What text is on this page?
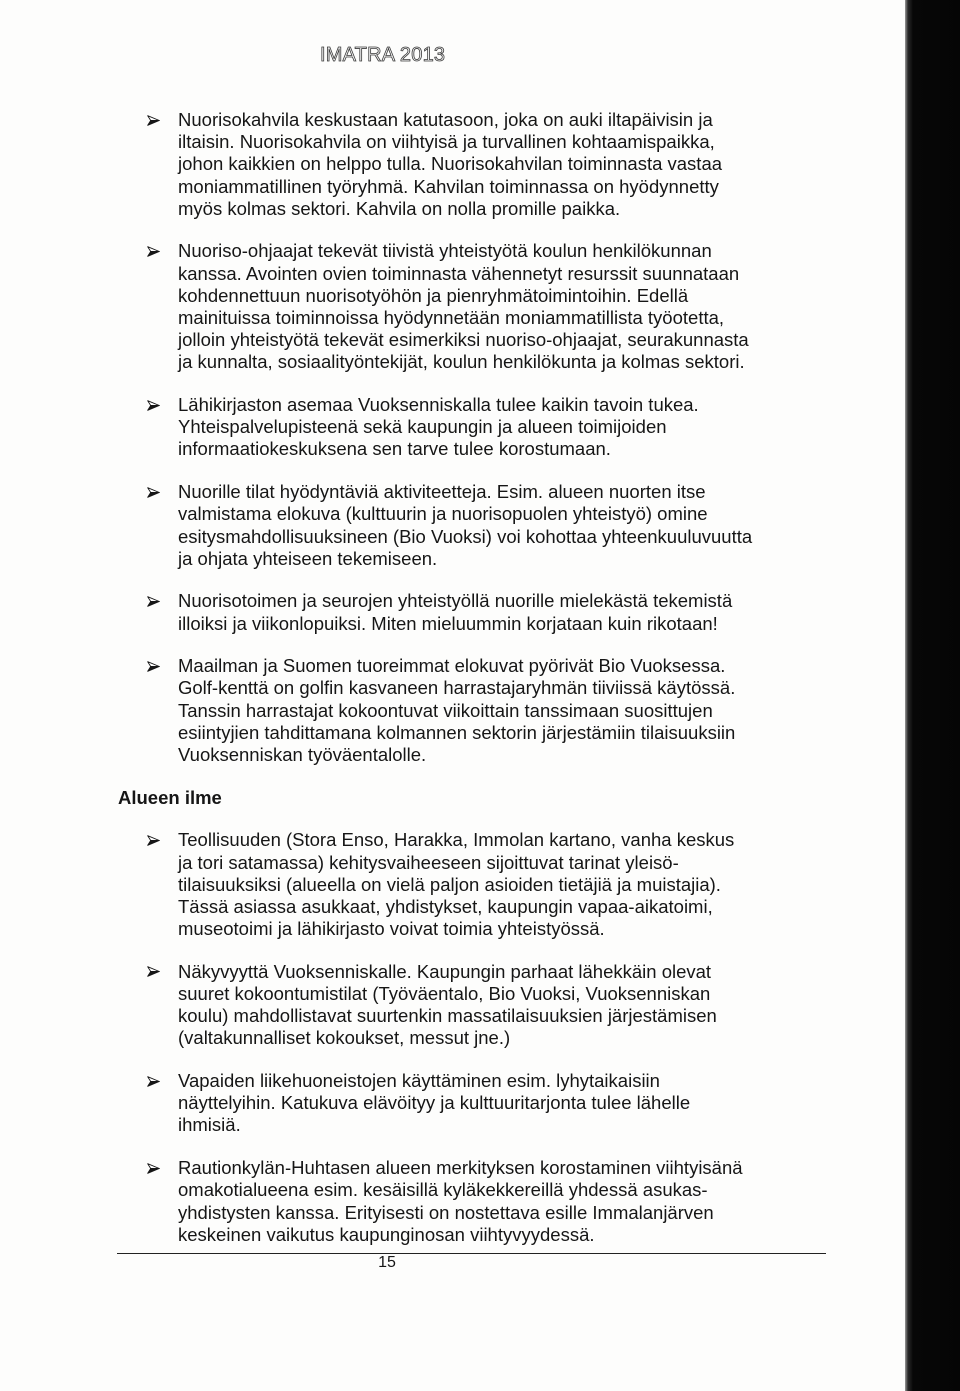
IMATRA 2013
Nuorisokahvila keskustaan katutasoon, joka on auki iltapäivisin ja
iltaisin. Nuorisokahvila on viihtyisä ja turvallinen kohtaamispaikka,
johon kaikkien on helppo tulla. Nuorisokahvilan toiminnasta vastaa
moniammatillinen työryhmä. Kahvilan toiminnassa on hyödynnetty
myös kolmas sektori. Kahvila on nolla promille paikka.
Nuoriso-ohjaajat tekevät tiivistä yhteistyötä koulun henkilökunnan
kanssa. Avointen ovien toiminnasta vähennetyt resurssit suunnataan
kohdennettuun nuorisotyöhön ja pienryhmätoimintoihin. Edellä
mainituissa toiminnoissa hyödynnetään moniammatillista työotetta,
jolloin yhteistyötä tekevät esimerkiksi nuoriso-ohjaajat, seurakunnasta
ja kunnalta, sosiaalityöntekijät, koulun henkilökunta ja kolmas sektori.
Lähikirjaston asemaa Vuoksenniskalla tulee kaikin tavoin tukea.
Yhteispalvelupisteenä sekä kaupungin ja alueen toimijoiden
informaatiokeskuksena sen tarve tulee korostumaan.
Nuorille tilat hyödyntäviä aktiviteetteja. Esim. alueen nuorten itse
valmistama elokuva (kulttuurin ja nuorisopuolen yhteistyö) omine
esitysmahdollisuuksineen (Bio Vuoksi) voi kohottaa yhteenkuuluvuutta
ja ohjata yhteiseen tekemiseen.
Nuorisotoimen ja seurojen yhteistyöllä nuorille mielekästä tekemistä
illoiksi ja viikonlopuiksi. Miten mieluummin korjataan kuin rikotaan!
Maailman ja Suomen tuoreimmat elokuvat pyörivät Bio Vuoksessa.
Golf-kenttä on golfin kasvaneen harrastajaryhmän tiiviissä käytössä.
Tanssin harrastajat kokoontuvat viikoittain tanssimaan suosittujen
esiintyjien tahdittamana kolmannen sektorin järjestämiin tilaisuuksiin
Vuoksenniskan työväentalolle.
Alueen ilme
Teollisuuden (Stora Enso, Harakka, Immolan kartano, vanha keskus
ja tori satamassa) kehitysvaiheeseen sijoittuvat tarinat yleisö-
tilaisuuksiksi (alueella on vielä paljon asioiden tietäjiä ja muistajia).
Tässä asiassa asukkaat, yhdistykset, kaupungin vapaa-aikatoimi,
museotoimi ja lähikirjasto voivat toimia yhteistyössä.
Näkyvyyttä Vuoksenniskalle. Kaupungin parhaat lähekkäin olevat
suuret kokoontumistilat (Työväentalo, Bio Vuoksi, Vuoksenniskan
koulu) mahdollistavat suurtenkin massatilaisuuksien järjestämisen
(valtakunnalliset kokoukset, messut jne.)
Vapaiden liikehuoneistojen käyttäminen esim. lyhytaikaisiin
näyttelyihin. Katukuva elävöityy ja kulttuuritarjonta tulee lähelle
ihmisiä.
Rautionkylän-Huhtasen alueen merkityksen korostaminen viihtyisänä
omakotialueena esim. kesäisillä kyläkekkereillä yhdessä asukas-
yhdistysten kanssa. Erityisesti on nostettava esille Immalanjärven
keskeinen vaikutus kaupunginosan viihtyvyydessä.
15
